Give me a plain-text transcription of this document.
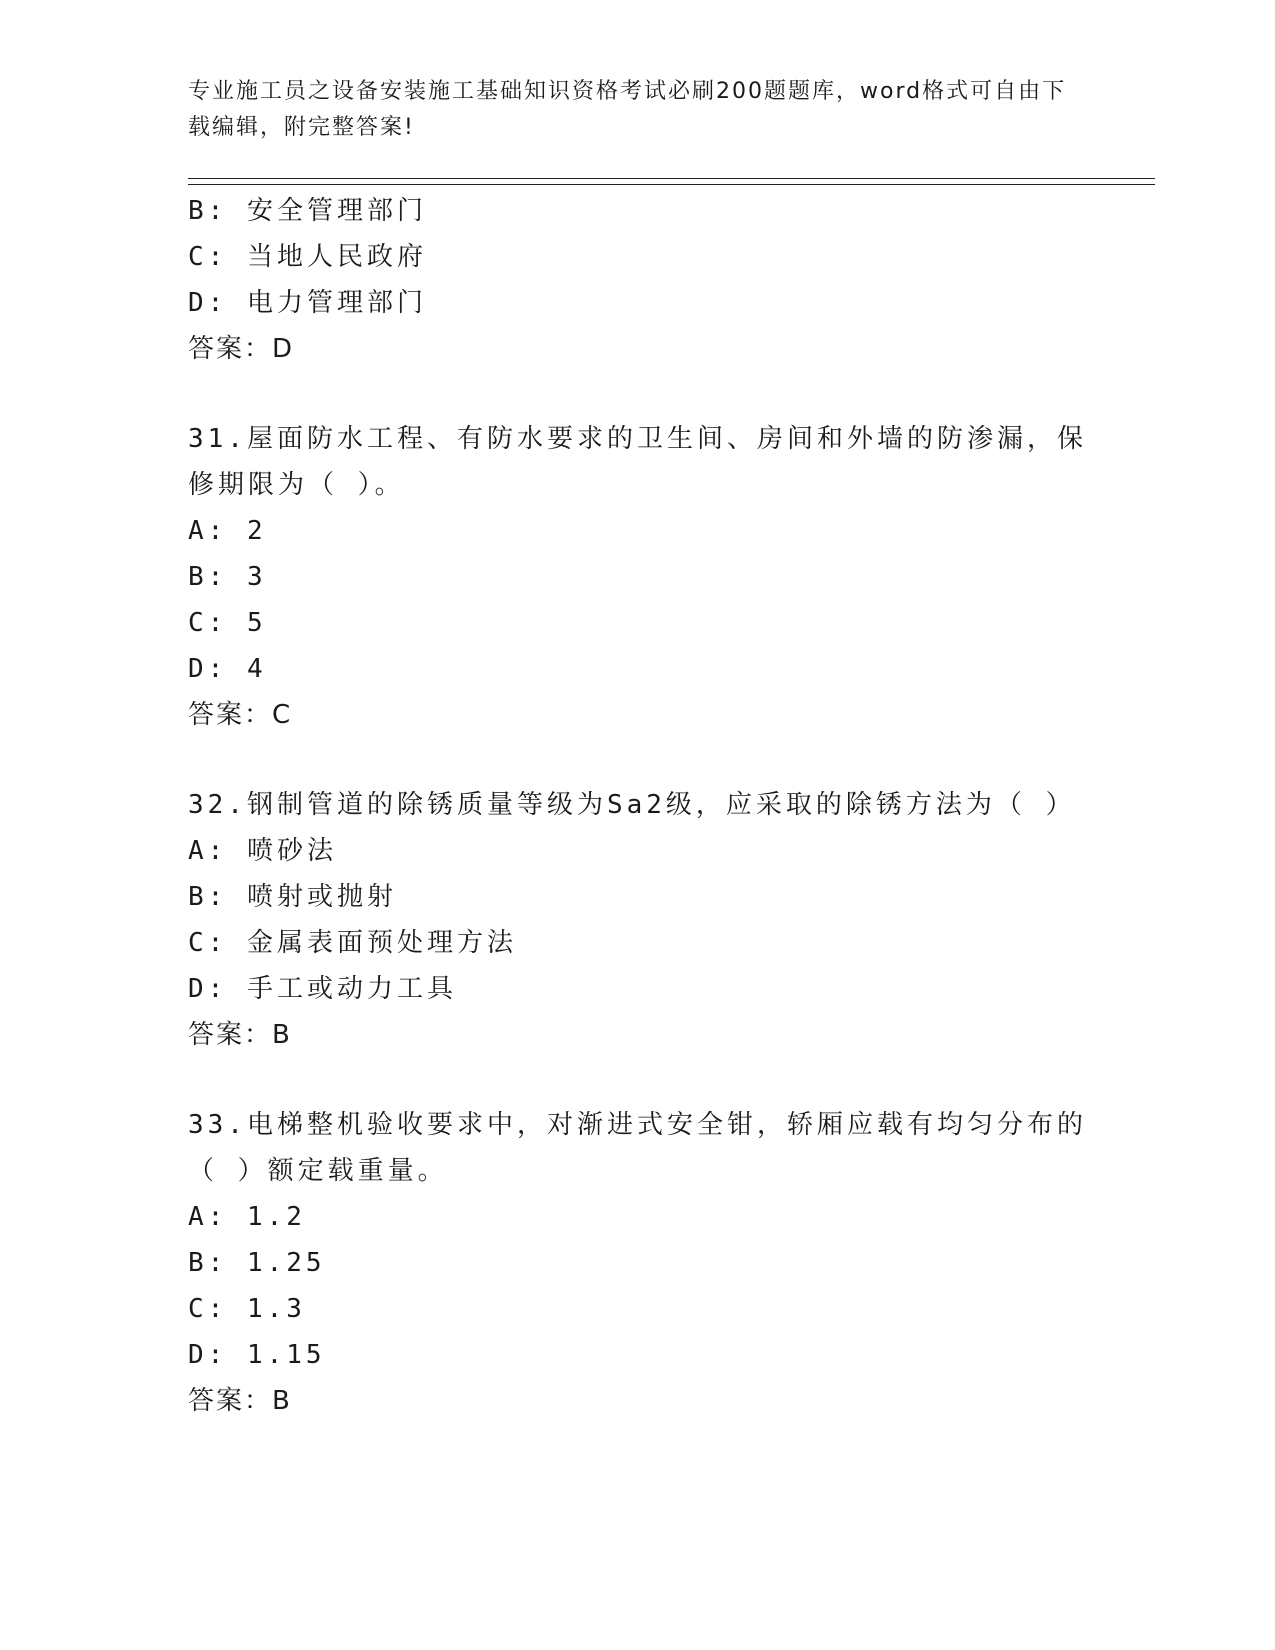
专业施工员之设备安装施工基础知识资格考试必刷200题题库，word格式可自由下载编辑，附完整答案!
B: 安全管理部门
C: 当地人民政府
D: 电力管理部门
答案：D
31.屋面防水工程、有防水要求的卫生间、房间和外墙的防渗漏，保修期限为（ ）。
A: 2
B: 3
C: 5
D: 4
答案：C
32.钢制管道的除锈质量等级为Sa2级，应采取的除锈方法为（ ）
A: 喷砂法
B: 喷射或抛射
C: 金属表面预处理方法
D: 手工或动力工具
答案：B
33.电梯整机验收要求中，对渐进式安全钳，轿厢应载有均匀分布的（ ）额定载重量。
A: 1.2
B: 1.25
C: 1.3
D: 1.15
答案：B
